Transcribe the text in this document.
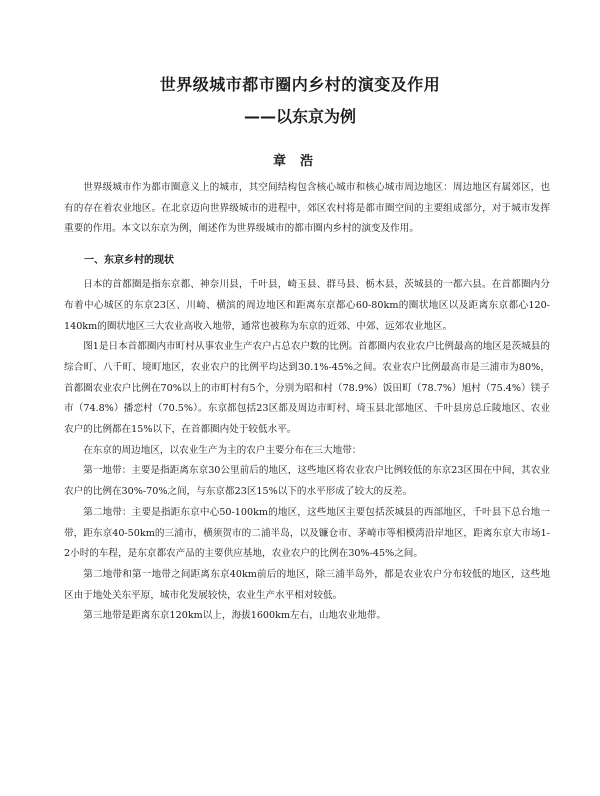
世界级城市都市圈内乡村的演变及作用
——以东京为例
章浩

世界级城市作为都市圈意义上的城市，其空间结构包含核心城市和核心城市周边地区：周边地区有属郊区，也有的存在着农业地区。在北京迈向世界级城市的进程中，郊区农村将是都市圈空间的主要组成部分，对于城市发挥重要的作用。本文以东京为例，阐述作为世界级城市的都市圈内乡村的演变及作用。

一、东京乡村的现状

日本的首都圈是指东京都、神奈川县，千叶县，崎玉县、群马县、栃木县，茨城县的一都六县。在首都圈内分布着中心城区的东京23区、川崎、横滨的周边地区和距离东京都心60-80km的圈状地区以及距离东京都心120-140km的圈状地区三大农业高收入地带，通常也被称为东京的近郊、中郊、远郊农业地区。

图1是日本首都圈内市町村从事农业生产农户占总农户数的比例。首都圈内农业农户比例最高的地区是茨城县的综合町、八千町、境町地区，农业农户的比例平均达到30.1%-45%之间。农业农户比例最高市是三浦市为80%，首都圈农业农户比例在70%以上的市町村有5个，分别为昭和村（78.9%）饭田町（78.7%）旭村（75.4%）镁子市（74.8%）播恋村（70.5%）。东京都包括23区都及周边市町村、埼玉县北部地区、千叶县房总丘陵地区、农业农户的比例都在15%以下，在首都圈内处于较低水平。

在东京的周边地区，以农业生产为主的农户主要分布在三大地带：

第一地带：主要是指距离东京30公里前后的地区，这些地区将农业农户比例较低的东京23区围在中间，其农业农户的比例在30%-70%之间，与东京都23区15%以下的水平形成了较大的反差。

第二地带：主要是指距东京中心50-100km的地区，这些地区主要包括茨城县的西部地区，千叶县下总台地一带，距东京40-50km的三浦市，横须贺市的二浦半岛，以及镰仓市、茅崎市等相模湾沿岸地区，距离东京大市场1-2小时的车程，是东京都农产品的主要供应基地，农业农户的比例在30%-45%之间。

第二地带和第一地带之间距离东京40km前后的地区，除三浦半岛外，都是农业农户分布较低的地区，这些地区由于地处关东平原，城市化发展较快，农业生产水平相对较低。

第三地带是距离东京120km以上，海拔1600km左右，山地农业地带。
